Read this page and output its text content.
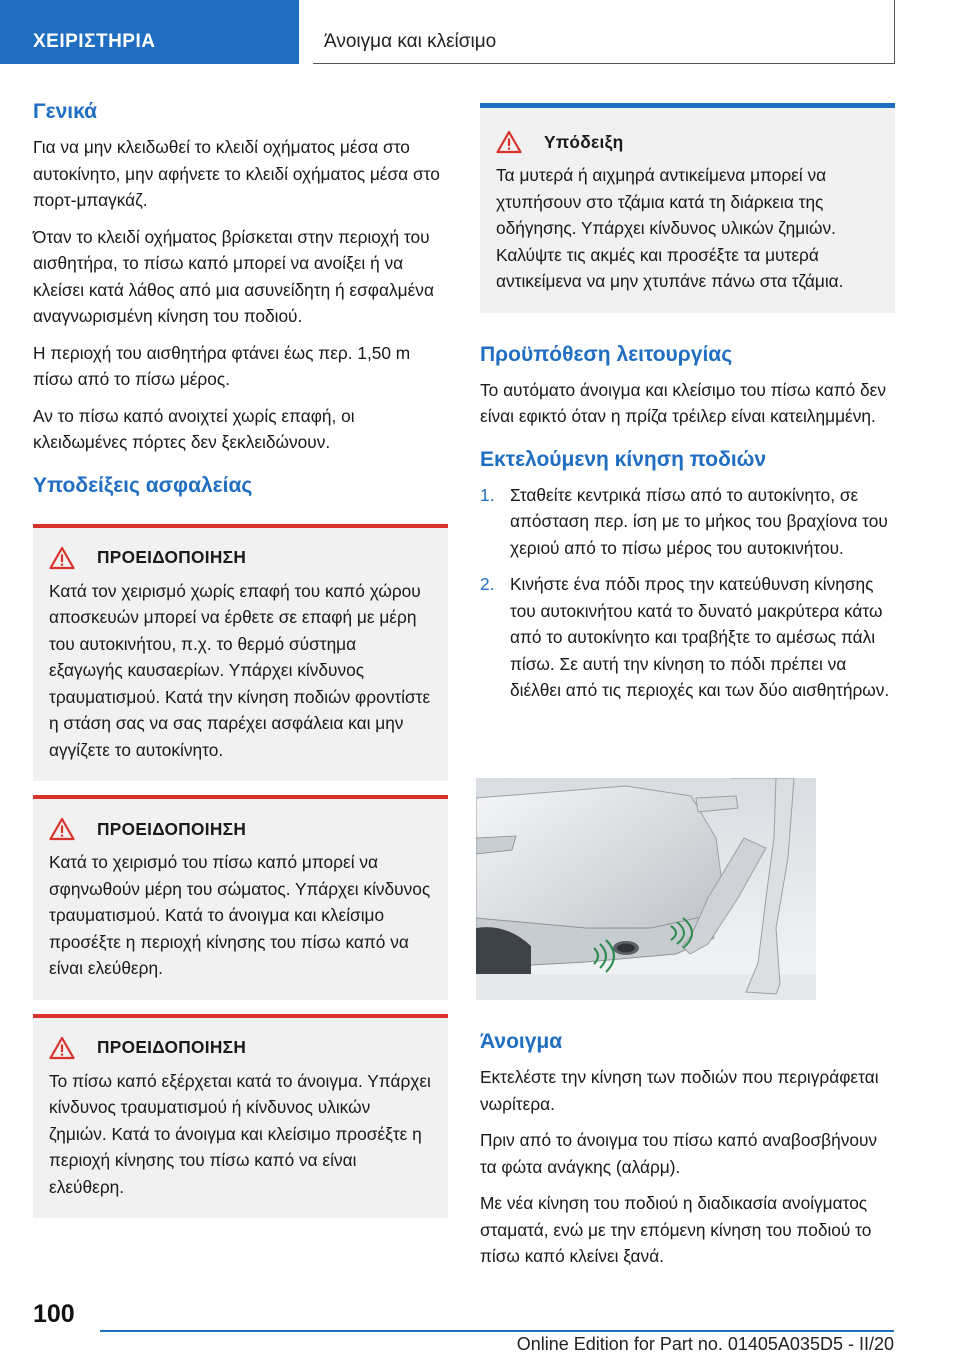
ΧΕΙΡΙΣΤΗΡΙΑ	Άνοιγμα και κλείσιμο
Γενικά

Για να μην κλειδωθεί το κλειδί οχήματος μέσα στο αυτοκίνητο, μην αφήνετε το κλειδί οχήματος μέσα στο πορτ-μπαγκάζ.

Όταν το κλειδί οχήματος βρίσκεται στην περιοχή του αισθητήρα, το πίσω καπό μπορεί να ανοίξει ή να κλείσει κατά λάθος από μια ασυνείδητη ή εσφαλμένα αναγνωρισμένη κίνηση του ποδιού.

Η περιοχή του αισθητήρα φτάνει έως περ. 1,50 m πίσω από το πίσω μέρος.

Αν το πίσω καπό ανοιχτεί χωρίς επαφή, οι κλειδωμένες πόρτες δεν ξεκλειδώνουν.

Υποδείξεις ασφαλείας
ΠΡΟΕΙΔΟΠΟΙΗΣΗ

Κατά τον χειρισμό χωρίς επαφή του καπό χώρου αποσκευών μπορεί να έρθετε σε επαφή με μέρη του αυτοκινήτου, π.χ. το θερμό σύστημα εξαγωγής καυσαερίων. Υπάρχει κίνδυνος τραυματισμού. Κατά την κίνηση ποδιών φροντίστε η στάση σας να σας παρέχει ασφάλεια και μην αγγίζετε το αυτοκίνητο.

ΠΡΟΕΙΔΟΠΟΙΗΣΗ

Κατά το χειρισμό του πίσω καπό μπορεί να σφηνωθούν μέρη του σώματος. Υπάρχει κίνδυνος τραυματισμού. Κατά το άνοιγμα και κλείσιμο προσέξτε η περιοχή κίνησης του πίσω καπό να είναι ελεύθερη.

ΠΡΟΕΙΔΟΠΟΙΗΣΗ

Το πίσω καπό εξέρχεται κατά το άνοιγμα. Υπάρχει κίνδυνος τραυματισμού ή κίνδυνος υλικών ζημιών. Κατά το άνοιγμα και κλείσιμο προσέξτε η περιοχή κίνησης του πίσω καπό να είναι ελεύθερη.

Υπόδειξη

Τα μυτερά ή αιχμηρά αντικείμενα μπορεί να χτυπήσουν στο τζάμια κατά τη διάρκεια της οδήγησης. Υπάρχει κίνδυνος υλικών ζημιών. Καλύψτε τις ακμές και προσέξτε τα μυτερά αντικείμενα να μην χτυπάνε πάνω στα τζάμια.

Προϋπόθεση λειτουργίας

Το αυτόματο άνοιγμα και κλείσιμο του πίσω καπό δεν είναι εφικτό όταν η πρίζα τρέιλερ είναι κατειλημμένη.

Εκτελούμενη κίνηση ποδιών
1. Σταθείτε κεντρικά πίσω από το αυτοκίνητο, σε απόσταση περ. ίση με το μήκος του βραχίονα του χεριού από το πίσω μέρος του αυτοκινήτου.
2. Κινήστε ένα πόδι προς την κατεύθυνση κίνησης του αυτοκινήτου κατά το δυνατό μακρύτερα κάτω από το αυτοκίνητο και τραβήξτε το αμέσως πάλι πίσω. Σε αυτή την κίνηση το πόδι πρέπει να διέλθει από τις περιοχές και των δύο αισθητήρων.
Άνοιγμα

Εκτελέστε την κίνηση των ποδιών που περιγράφεται νωρίτερα.

Πριν από το άνοιγμα του πίσω καπό αναβοσβήνουν τα φώτα ανάγκης (αλάρμ).

Με νέα κίνηση του ποδιού η διαδικασία ανοίγματος σταματά, ενώ με την επόμενη κίνηση του ποδιού το πίσω καπό κλείνει ξανά.

100
Online Edition for Part no. 01405A035D5 - II/20
